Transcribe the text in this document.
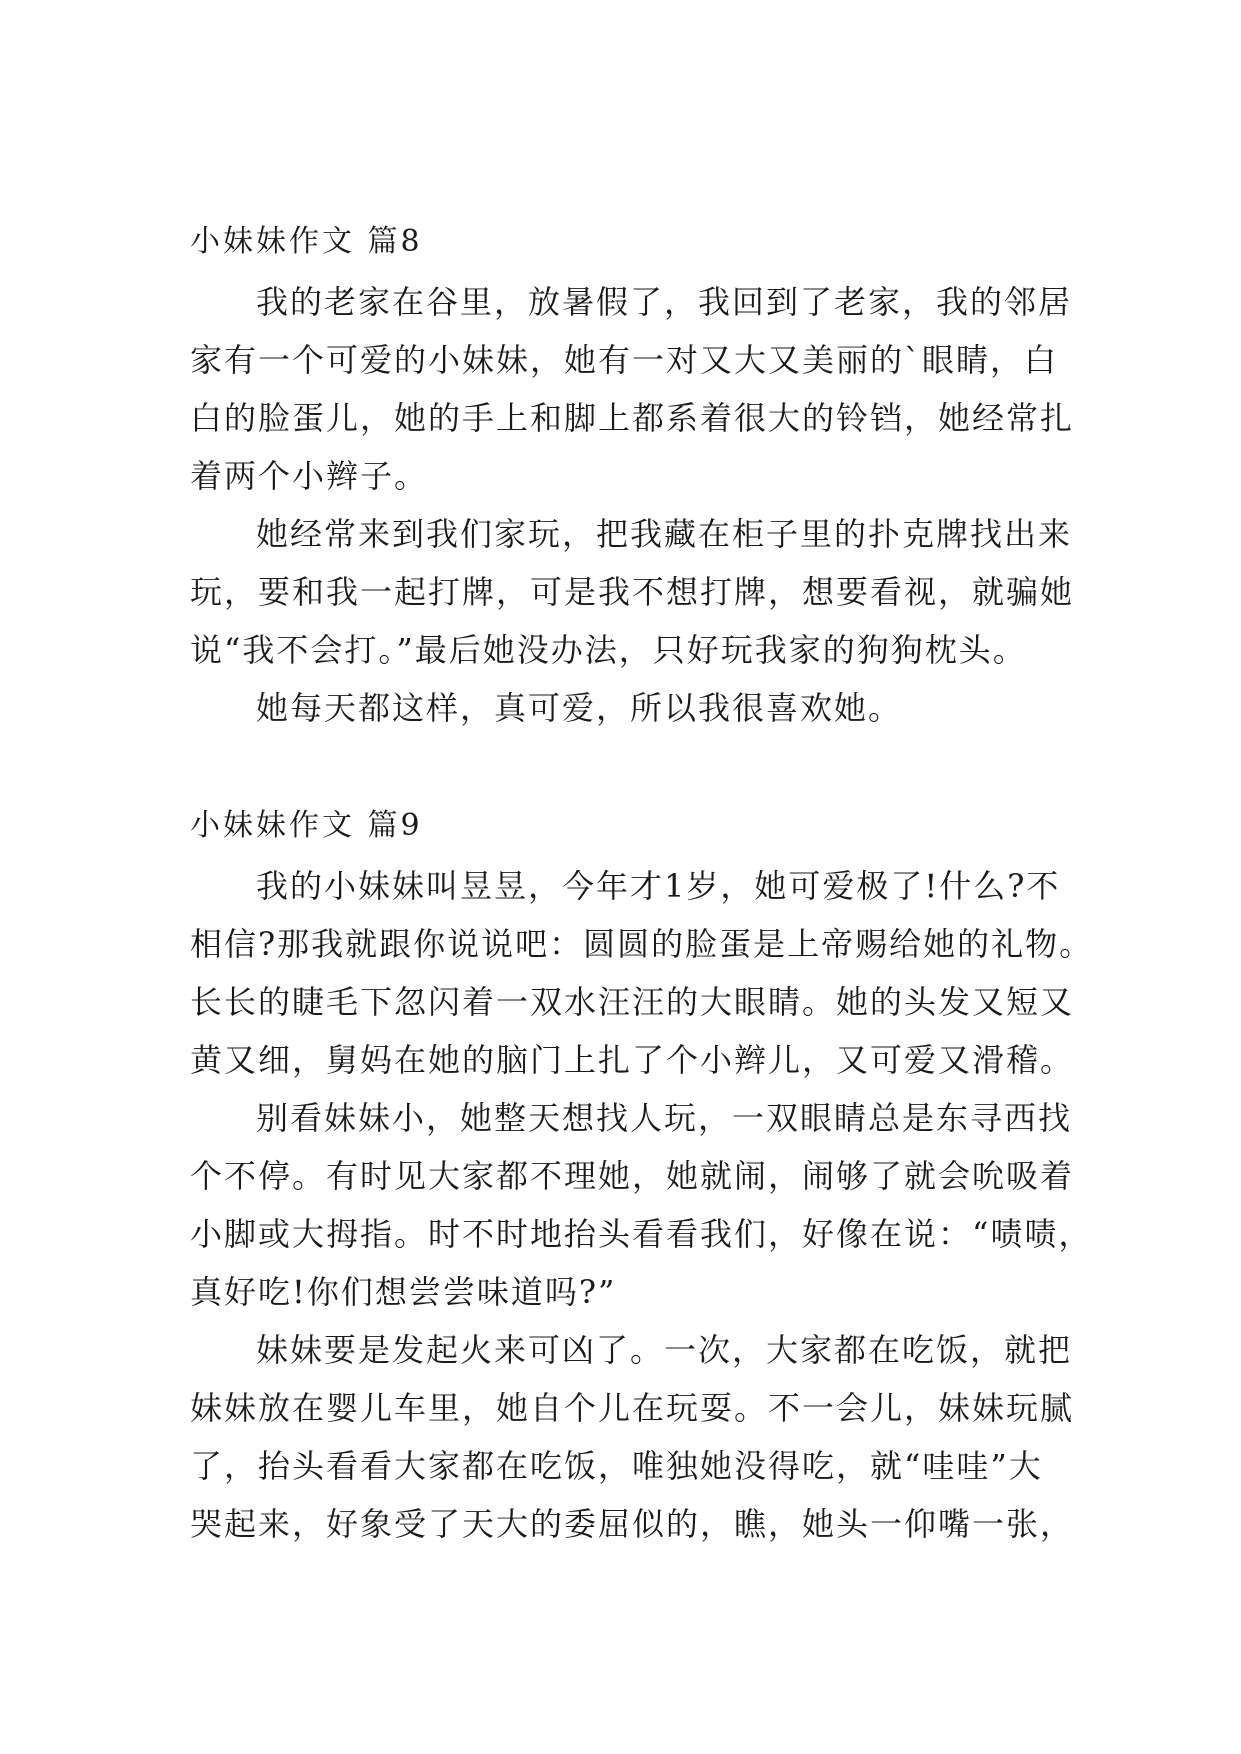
小妹妹作文 篇8
我的老家在谷里，放暑假了，我回到了老家，我的邻居
家有一个可爱的小妹妹，她有一对又大又美丽的`眼睛，白
白的脸蛋儿，她的手上和脚上都系着很大的铃铛，她经常扎
着两个小辫子。
她经常来到我们家玩，把我藏在柜子里的扑克牌找出来
玩，要和我一起打牌，可是我不想打牌，想要看视，就骗她
说“我不会打。”最后她没办法，只好玩我家的狗狗枕头。
她每天都这样，真可爱，所以我很喜欢她。
小妹妹作文 篇9
我的小妹妹叫昱昱，今年才1岁，她可爱极了!什么?不
相信?那我就跟你说说吧：圆圆的脸蛋是上帝赐给她的礼物。
长长的睫毛下忽闪着一双水汪汪的大眼睛。她的头发又短又
黄又细，舅妈在她的脑门上扎了个小辫儿，又可爱又滑稽。
别看妹妹小，她整天想找人玩，一双眼睛总是东寻西找
个不停。有时见大家都不理她，她就闹，闹够了就会吮吸着
小脚或大拇指。时不时地抬头看看我们，好像在说：“啧啧，
真好吃!你们想尝尝味道吗?”
妹妹要是发起火来可凶了。一次，大家都在吃饭，就把
妹妹放在婴儿车里，她自个儿在玩耍。不一会儿，妹妹玩腻
了，抬头看看大家都在吃饭，唯独她没得吃，就“哇哇”大
哭起来，好象受了天大的委屈似的，瞧，她头一仰嘴一张，
